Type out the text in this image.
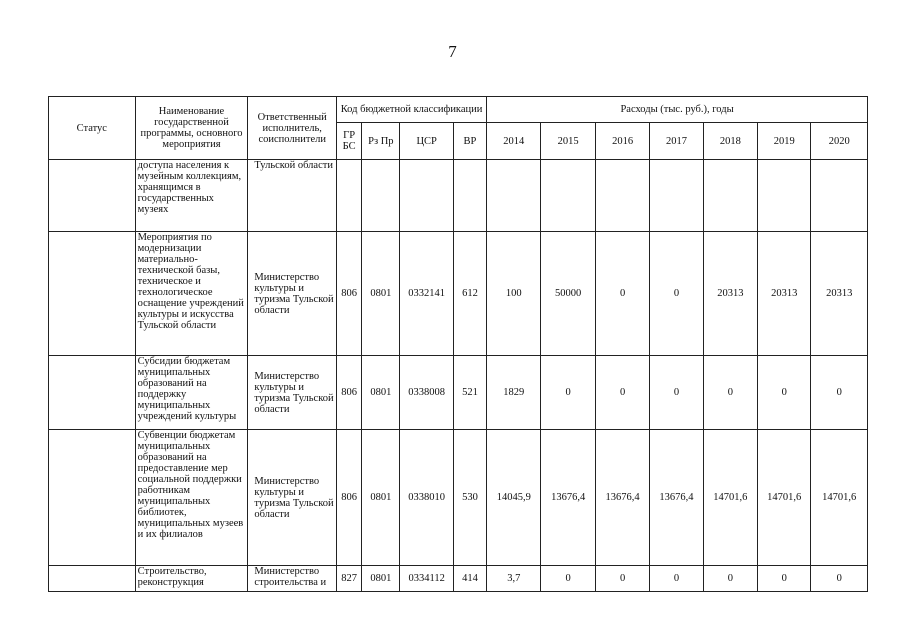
7
Статус	Наименование государственной программы, основного мероприятия	Ответственный исполнитель, соисполнители	Код бюджетной классификации				Расходы (тыс. руб.), годы						
			ГР БС	Рз Пр	ЦСР	ВР	2014	2015	2016	2017	2018	2019	2020
	доступа населения к музейным коллекциям, хранящимся в государственных музеях	Тульской области											
	Мероприятия по модернизации материально-технической базы, техническое и технологическое оснащение учреждений культуры и искусства Тульской области	Министерство культуры и туризма Тульской области	806	0801	0332141	612	100	50000	0	0	20313	20313	20313
	Субсидии бюджетам муниципальных образований на поддержку муниципальных учреждений культуры	Министерство культуры и туризма Тульской области	806	0801	0338008	521	1829	0	0	0	0	0	0
	Субвенции бюджетам муниципальных образований на предоставление мер социальной поддержки работникам муниципальных библиотек, муниципальных музеев и их филиалов	Министерство культуры и туризма Тульской области	806	0801	0338010	530	14045,9	13676,4	13676,4	13676,4	14701,6	14701,6	14701,6
	Строительство, реконструкция	Министерство строительства и	827	0801	0334112	414	3,7	0	0	0	0	0	0
